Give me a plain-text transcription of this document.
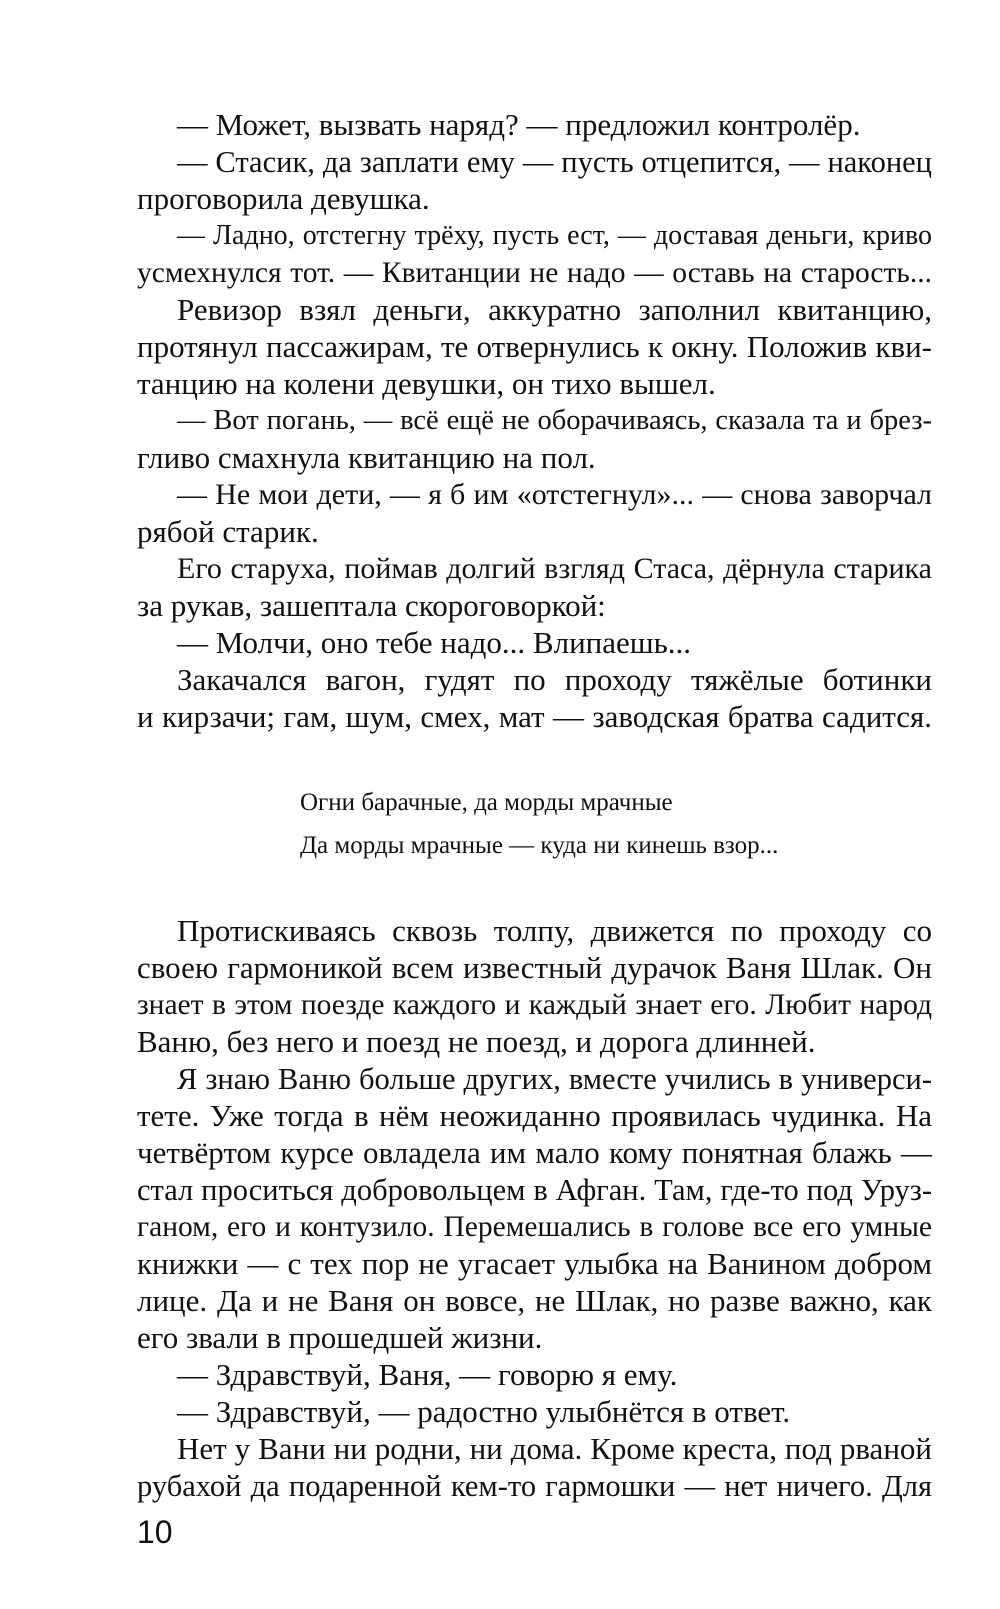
— Может, вызвать наряд? — предложил контролёр.
— Стасик, да заплати ему — пусть отцепится, — наконец
проговорила девушка.
— Ладно, отстегну трёху, пусть ест, — доставая деньги, криво
усмехнулся тот. — Квитанции не надо — оставь на старость...
Ревизор взял деньги, аккуратно заполнил квитанцию,
протянул пассажирам, те отвернулись к окну. Положив кви-
танцию на колени девушки, он тихо вышел.
— Вот погань, — всё ещё не оборачиваясь, сказала та и брез-
гливо смахнула квитанцию на пол.
— Не мои дети, — я б им «отстегнул»... — снова заворчал
рябой старик.
Его старуха, поймав долгий взгляд Стаса, дёрнула старика
за рукав, зашептала скороговоркой:
— Молчи, оно тебе надо... Влипаешь...
Закачался вагон, гудят по проходу тяжёлые ботинки
и кирзачи; гам, шум, смех, мат — заводская братва садится.
Огни барачные, да морды мрачные
Да морды мрачные — куда ни кинешь взор...
Протискиваясь сквозь толпу, движется по проходу со
своею гармоникой всем известный дурачок Ваня Шлак. Он
знает в этом поезде каждого и каждый знает его. Любит народ
Ваню, без него и поезд не поезд, и дорога длинней.
Я знаю Ваню больше других, вместе учились в универси-
тете. Уже тогда в нём неожиданно проявилась чудинка. На
четвёртом курсе овладела им мало кому понятная блажь —
стал проситься добровольцем в Афган. Там, где-то под Уруз-
ганом, его и контузило. Перемешались в голове все его умные
книжки — с тех пор не угасает улыбка на Ванином добром
лице. Да и не Ваня он вовсе, не Шлак, но разве важно, как
его звали в прошедшей жизни.
— Здравствуй, Ваня, — говорю я ему.
— Здравствуй, — радостно улыбнётся в ответ.
Нет у Вани ни родни, ни дома. Кроме креста, под рваной
рубахой да подаренной кем-то гармошки — нет ничего. Для
10
